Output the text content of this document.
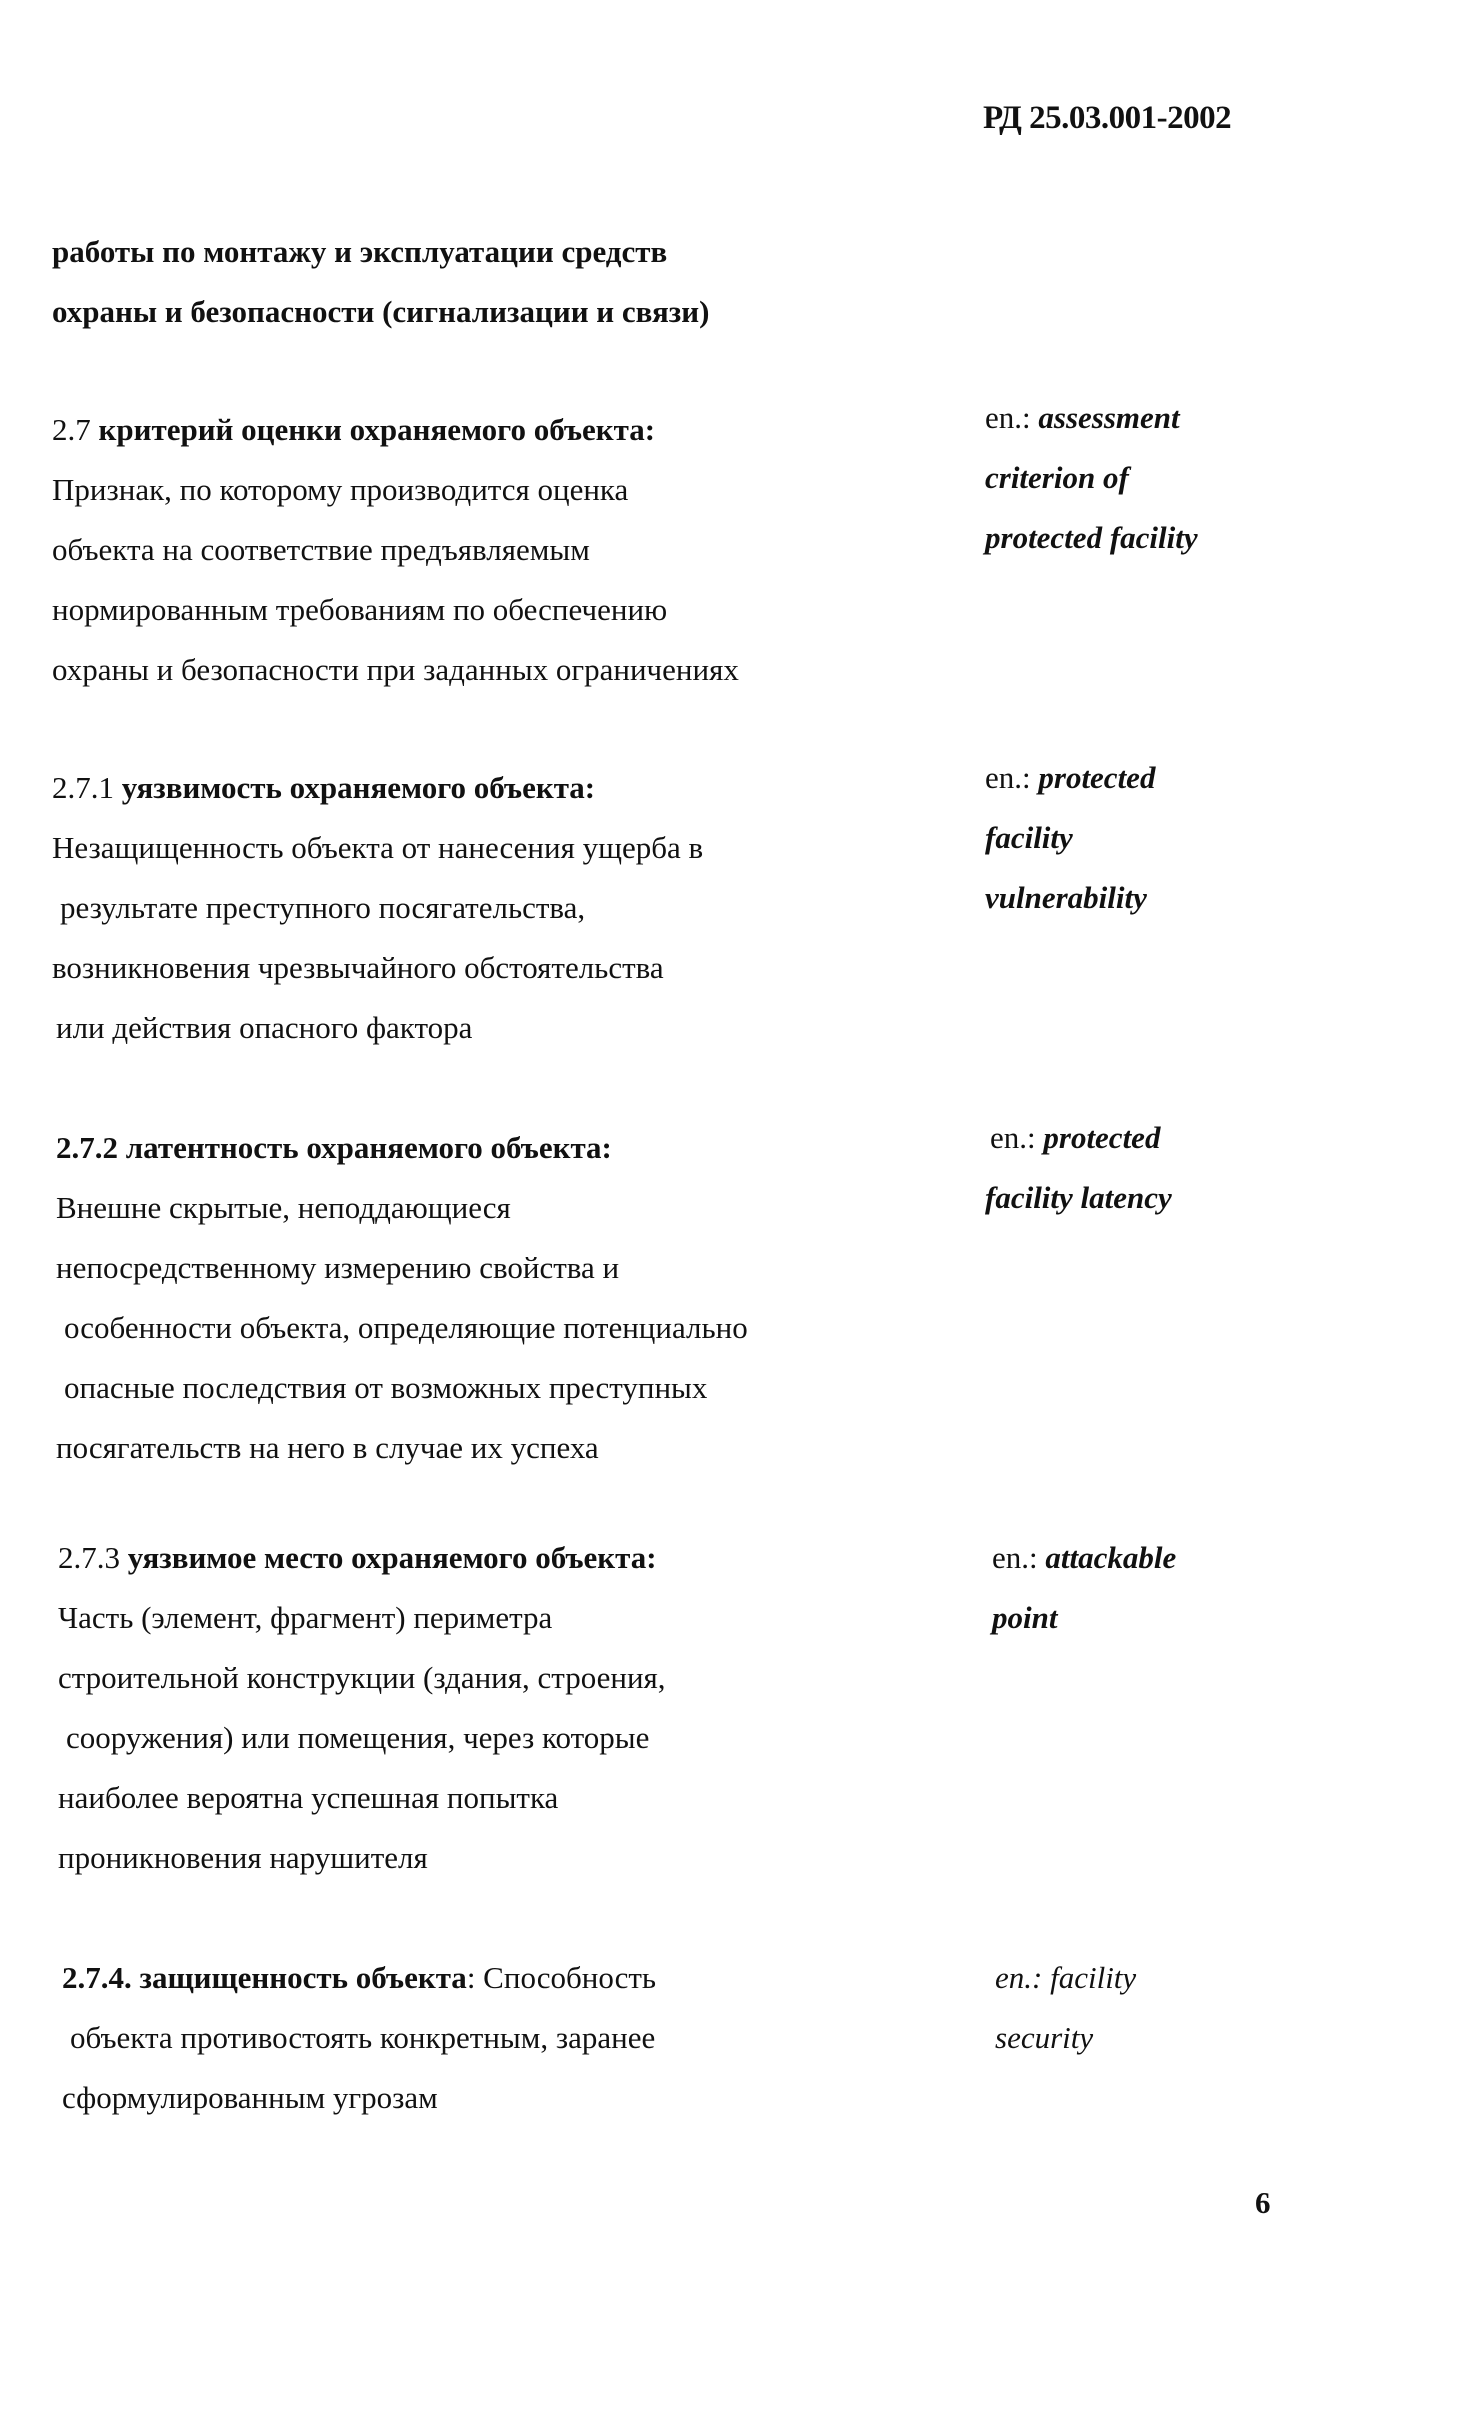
РД 25.03.001-2002
работы по монтажу и эксплуатации средств
охраны и безопасности (сигнализации и связи)
2.7 критерий оценки охраняемого объекта:
Признак, по которому производится оценка
объекта на соответствие предъявляемым
нормированным требованиям по обеспечению
охраны и безопасности при заданных ограничениях
en.: assessment
criterion of
protected facility
2.7.1 уязвимость охраняемого объекта:
Незащищенность объекта от нанесения ущерба в
результате преступного посягательства,
возникновения чрезвычайного обстоятельства
или действия опасного фактора
en.: protected
facility
vulnerability
2.7.2 латентность охраняемого объекта:
Внешне скрытые, неподдающиеся
непосредственному измерению свойства и
особенности объекта, определяющие потенциально
опасные последствия от возможных преступных
посягательств на него в случае их успеха
en.: protected
facility latency
2.7.3 уязвимое место охраняемого объекта:
Часть (элемент, фрагмент) периметра
строительной конструкции (здания, строения,
сооружения) или помещения, через которые
наиболее вероятна успешная попытка
проникновения нарушителя
en.: attackable
point
2.7.4. защищенность объекта: Способность
объекта противостоять конкретным, заранее
сформулированным угрозам
en.: facility
security
6
